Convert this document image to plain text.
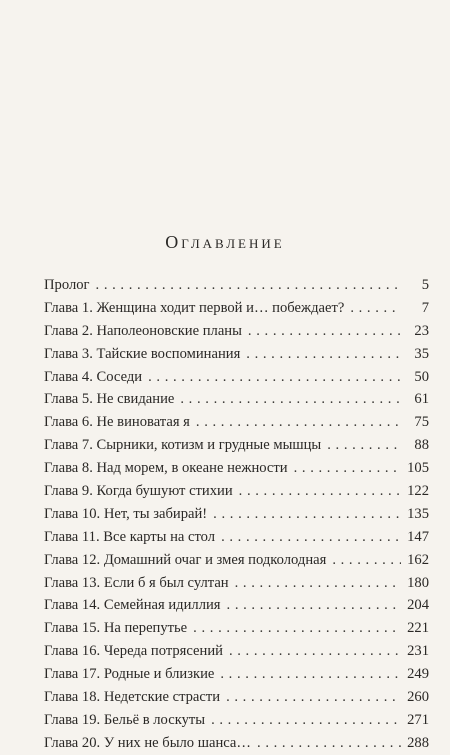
Оглавление
Пролог . . .	5
Глава 1. Женщина ходит первой и… побеждает? . . .	7
Глава 2. Наполеоновские планы . . .	23
Глава 3. Тайские воспоминания . . .	35
Глава 4. Соседи . . .	50
Глава 5. Не свидание . . .	61
Глава 6. Не виноватая я . . .	75
Глава 7. Сырники, котизм и грудные мышцы . . .	88
Глава 8. Над морем, в океане нежности . . .	105
Глава 9. Когда бушуют стихии . . .	122
Глава 10. Нет, ты забирай! . . .	135
Глава 11. Все карты на стол . . .	147
Глава 12. Домашний очаг и змея подколодная . . .	162
Глава 13. Если б я был султан . . .	180
Глава 14. Семейная идиллия . . .	204
Глава 15. На перепутье . . .	221
Глава 16. Череда потрясений . . .	231
Глава 17. Родные и близкие . . .	249
Глава 18. Недетские страсти . . .	260
Глава 19. Бельё в лоскуты . . .	271
Глава 20. У них не было шанса… . . .	288
